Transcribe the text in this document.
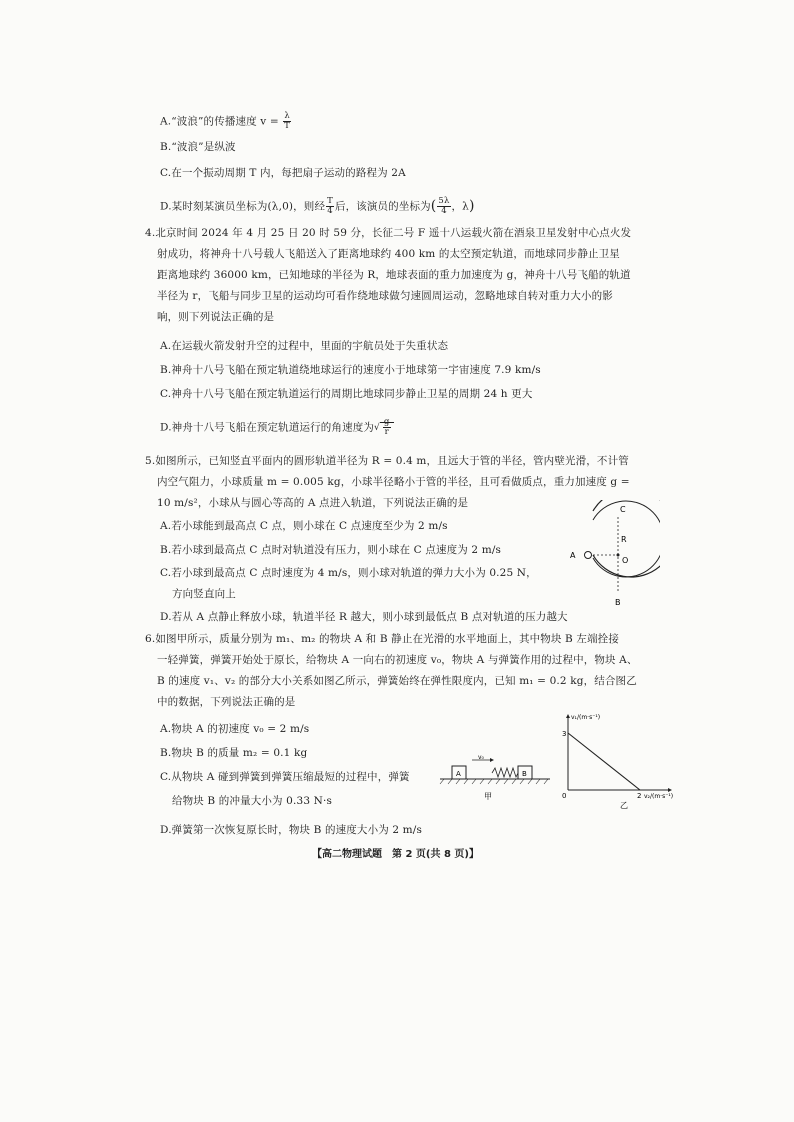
A.“波浪”的传播速度 $v = \frac{\lambda}{T}$
B.“波浪”是纵波
C.在一个振动周期 T 内，每把扇子运动的路程为 2A
D.某时刻某演员坐标为(λ,0)，则经 $\frac{T}{4}$ 后，该演员的坐标为( $\frac{5\lambda}{4}$ ，λ)
4.北京时间 2024 年 4 月 25 日 20 时 59 分，长征二号 F 遥十八运载火箭在酒泉卫星发射中心点火发
射成功，将神舟十八号载人飞船送入了距离地球约 400 km 的太空预定轨道，而地球同步静止卫星
距离地球约 36000 km，已知地球的半径为 R，地球表面的重力加速度为 g，神舟十八号飞船的轨道
半径为 r，飞船与同步卫星的运动均可看作绕地球做匀速圆周运动，忽略地球自转对重力大小的影
响，则下列说法正确的是
A.在运载火箭发射升空的过程中，里面的宇航员处于失重状态
B.神舟十八号飞船在预定轨道绕地球运行的速度小于地球第一宇宙速度 7.9 km/s
C.神舟十八号飞船在预定轨道运行的周期比地球同步静止卫星的周期 24 h 更大
D.神舟十八号飞船在预定轨道运行的角速度为√ $\frac{g}{r}$
5.如图所示，已知竖直平面内的圆形轨道半径为 R = 0.4 m，且远大于管的半径，管内壁光滑，不计管
内空气阻力，小球质量 m = 0.005 kg，小球半径略小于管的半径，且可看做质点，重力加速度 g =
10 m/s²，小球从与圆心等高的 A 点进入轨道，下列说法正确的是
A.若小球能到最高点 C 点，则小球在 C 点速度至少为 2 m/s
B.若小球到最高点 C 点时对轨道没有压力，则小球在 C 点速度为 2 m/s
C.若小球到最高点 C 点时速度为 4 m/s，则小球对轨道的弹力大小为 0.25 N，
方向竖直向上
D.若从 A 点静止释放小球，轨道半径 R 越大，则小球到最低点 B 点对轨道的压力越大
C
R
O
A
B
6.如图甲所示，质量分别为 m₁、m₂ 的物块 A 和 B 静止在光滑的水平地面上，其中物块 B 左端拴接
一轻弹簧，弹簧开始处于原长，给物块 A 一向右的初速度 v₀，物块 A 与弹簧作用的过程中，物块 A、
B 的速度 v₁、v₂ 的部分大小关系如图乙所示，弹簧始终在弹性限度内，已知 m₁ = 0.2 kg，结合图乙
中的数据，下列说法正确的是
A.物块 A 的初速度 v₀ = 2 m/s
B.物块 B 的质量 m₂ = 0.1 kg
C.从物块 A 碰到弹簧到弹簧压缩最短的过程中，弹簧
给物块 B 的冲量大小为 0.33 N·s
D.弹簧第一次恢复原长时，物块 B 的速度大小为 2 m/s
v₀
A	B
甲
v₁/(m·s⁻¹)
v₂/(m·s⁻¹)
3
2
0
乙
【高二物理试题　第 2 页(共 8 页)】
